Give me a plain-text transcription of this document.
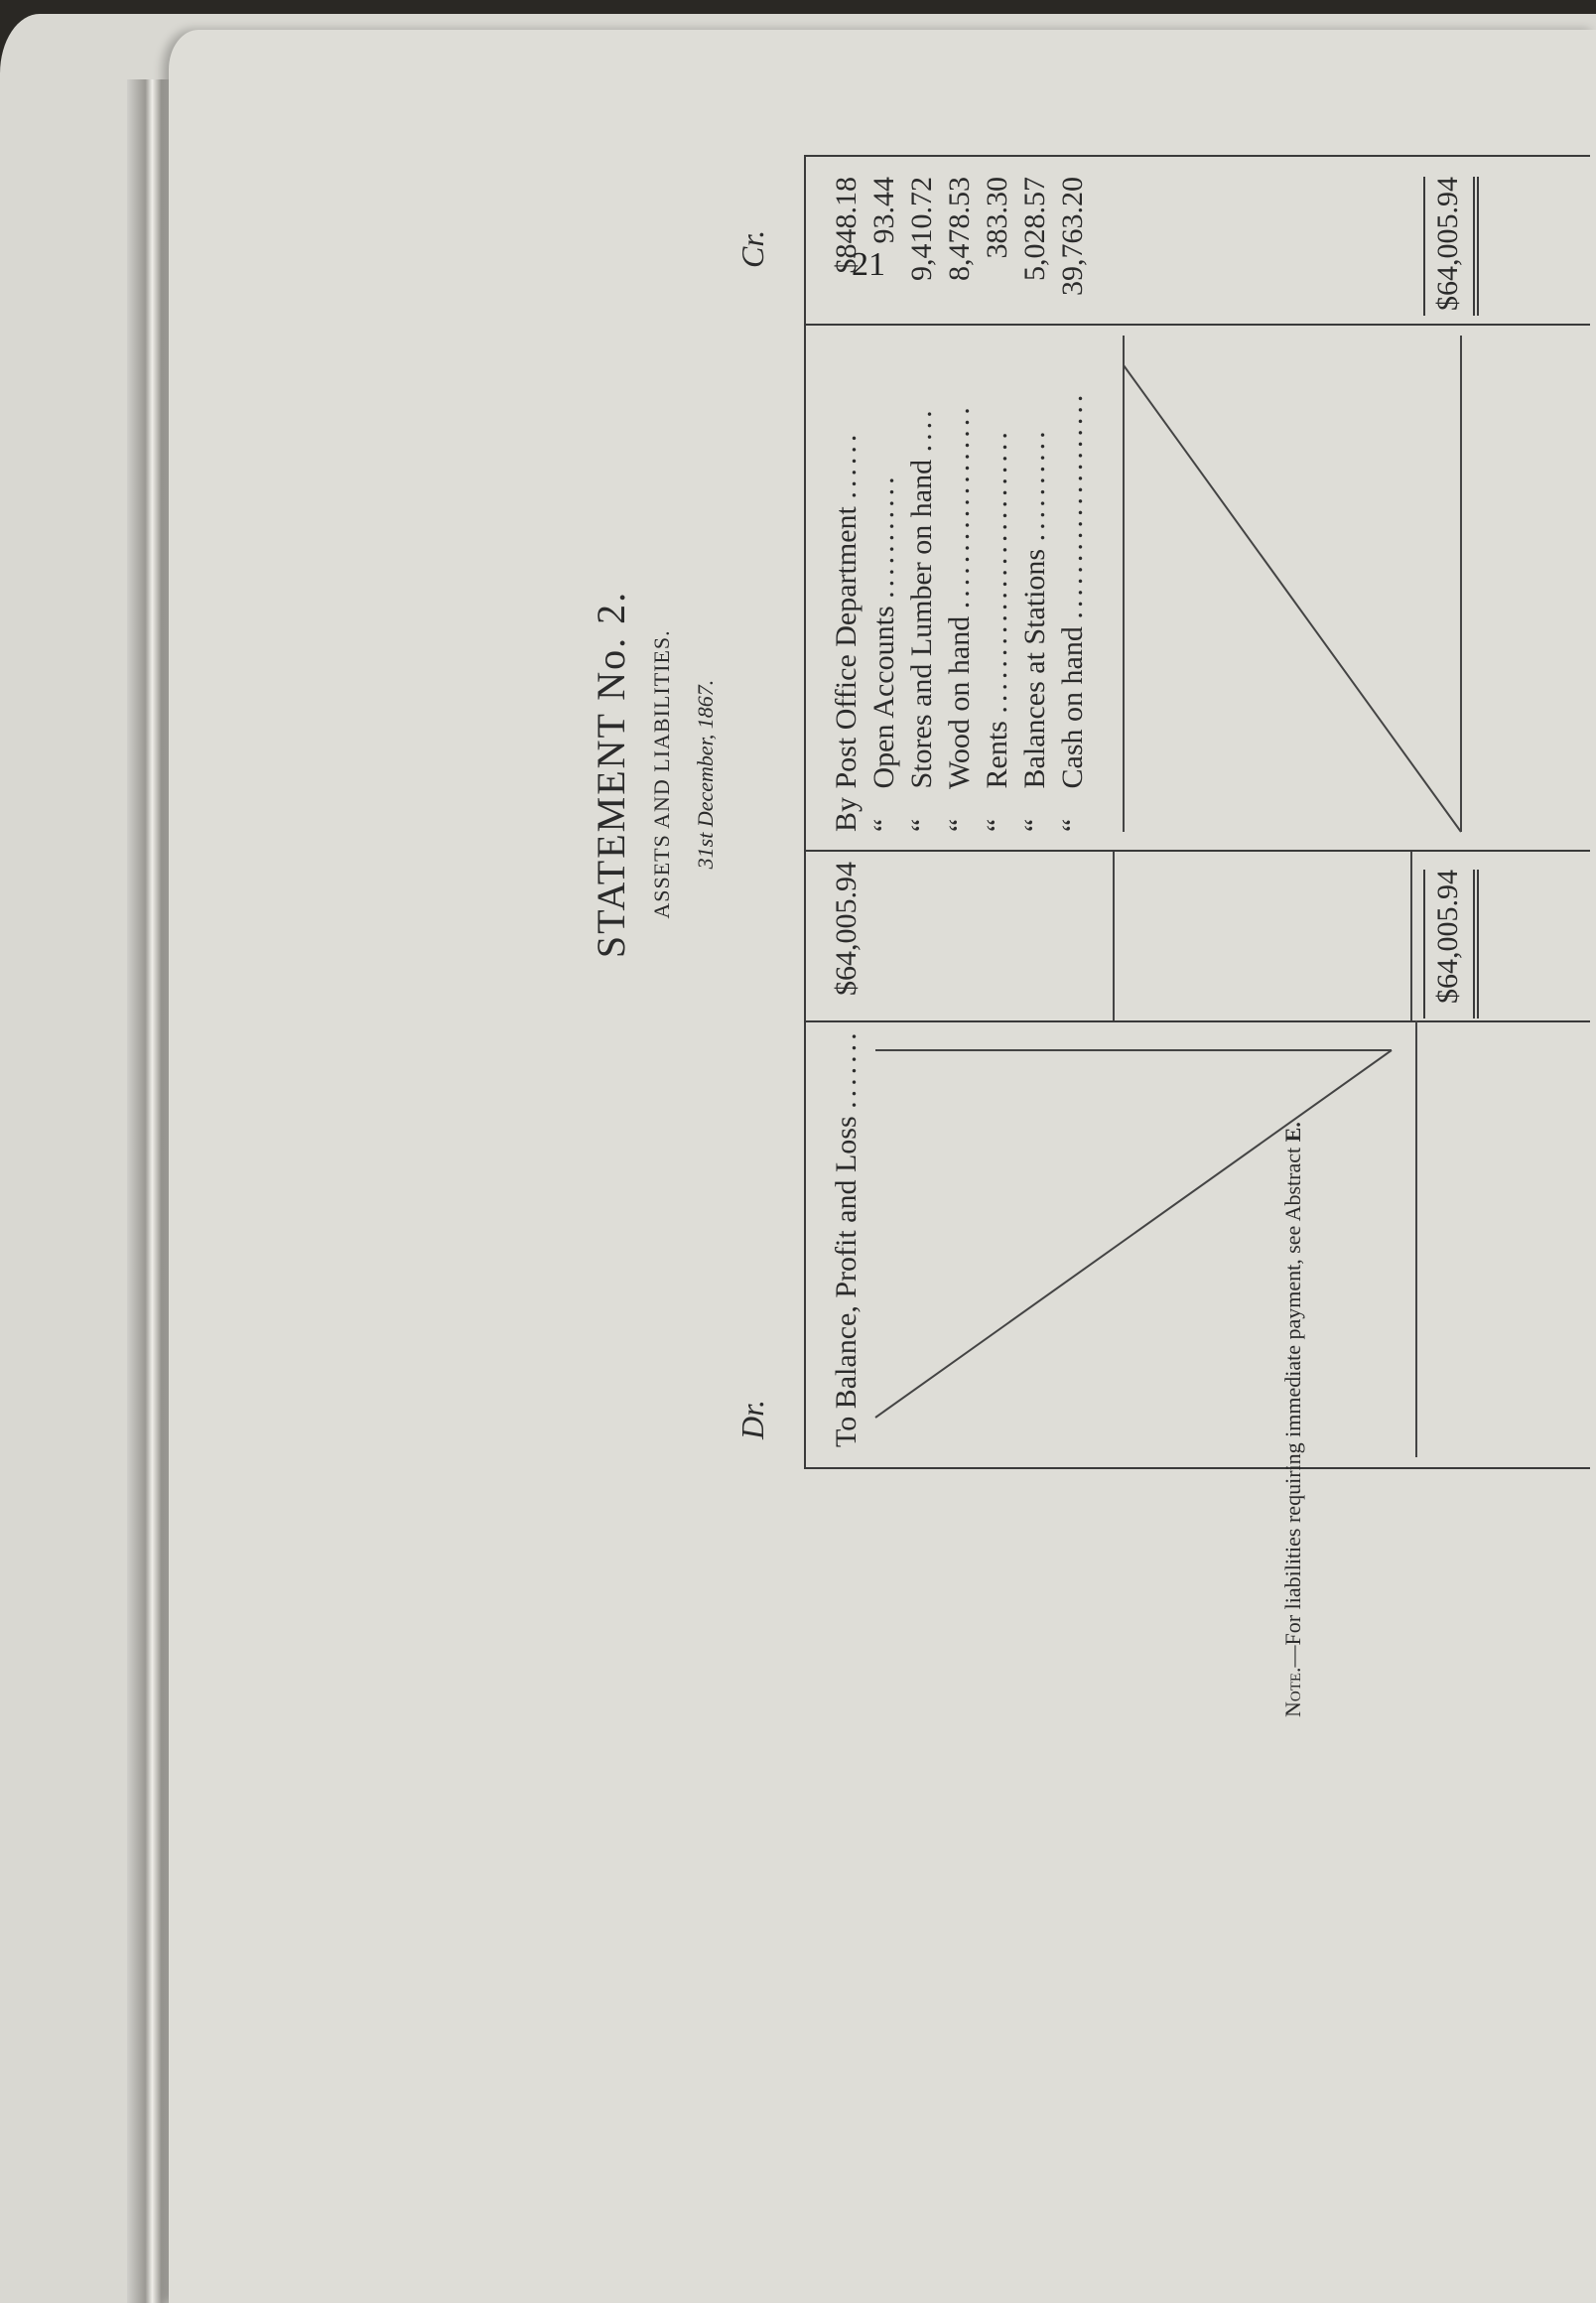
21
STATEMENT No. 2. ASSETS AND LIABILITIES. 31st December, 1867.
Dr.
Cr.
To Balance, Profit and Loss .......
$64,005.94	$64,005.94
By Post Office Department ......
$848.18
“ Open Accounts ...........
93.44
“ Stores and Lumber on hand ....
9,410.72
“ Wood on hand ..................
8,478.53
“ Rents .........................
383.30
“ Balances at Stations ..........
5,028.57
“ Cash on hand ....................
39,763.20	$64,005.94
Note.—For liabilities requiring immediate payment, see Abstract E.
